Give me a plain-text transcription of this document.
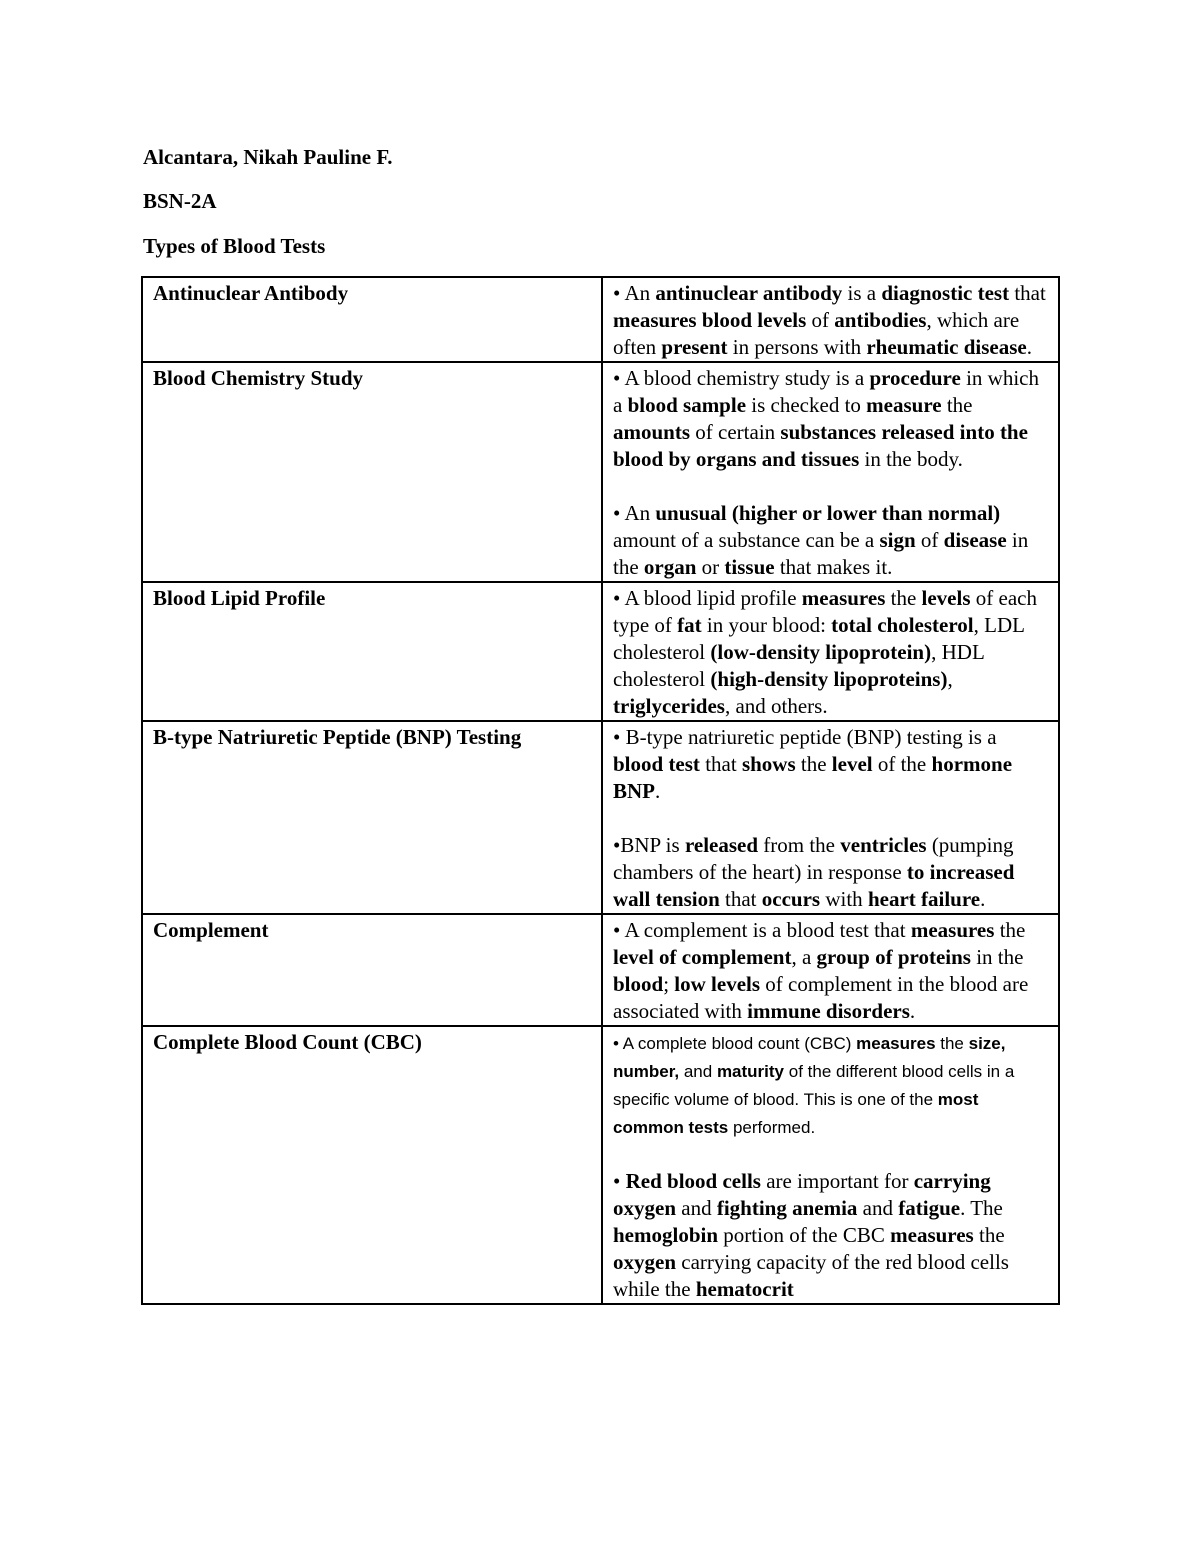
Alcantara, Nikah Pauline F.
BSN-2A
Types of Blood Tests
Antinuclear Antibody	• An antinuclear antibody is a diagnostic test that measures blood levels of antibodies, which are often present in persons with rheumatic disease.

Blood Chemistry Study	• A blood chemistry study is a procedure in which a blood sample is checked to measure the amounts of certain substances released into the blood by organs and tissues in the body.
• An unusual (higher or lower than normal) amount of a substance can be a sign of disease in the organ or tissue that makes it.

Blood Lipid Profile	• A blood lipid profile measures the levels of each type of fat in your blood: total cholesterol, LDL cholesterol (low-density lipoprotein), HDL cholesterol (high-density lipoproteins), triglycerides, and others.

B-type Natriuretic Peptide (BNP) Testing	• B-type natriuretic peptide (BNP) testing is a blood test that shows the level of the hormone BNP.
•BNP is released from the ventricles (pumping chambers of the heart) in response to increased wall tension that occurs with heart failure.

Complement	• A complement is a blood test that measures the level of complement, a group of proteins in the blood; low levels of complement in the blood are associated with immune disorders.

Complete Blood Count (CBC)	• A complete blood count (CBC) measures the size, number, and maturity of the different blood cells in a specific volume of blood. This is one of the most common tests performed.
• Red blood cells are important for carrying oxygen and fighting anemia and fatigue. The hemoglobin portion of the CBC measures the oxygen carrying capacity of the red blood cells while the hematocrit
